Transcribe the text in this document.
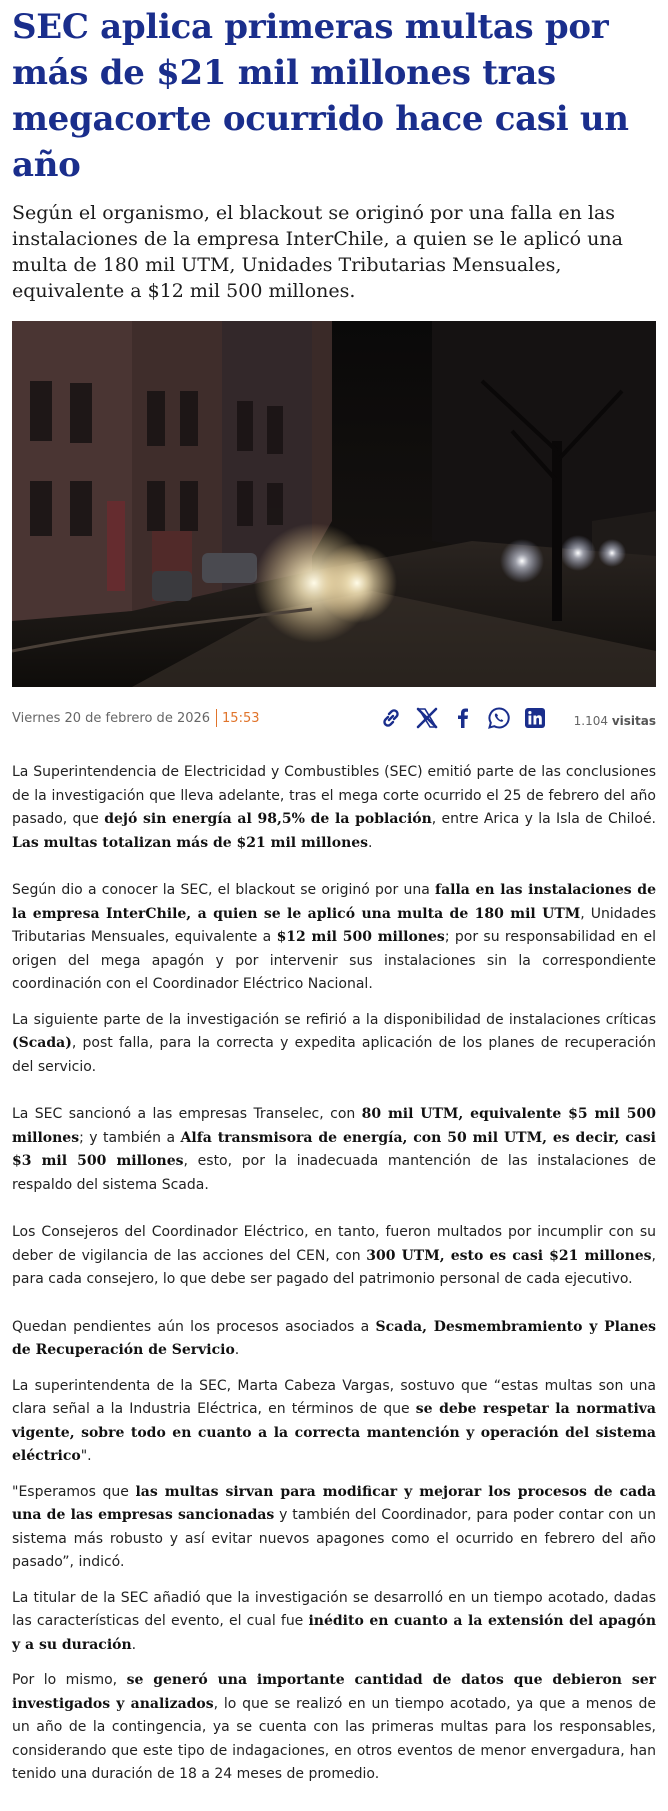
SEC aplica primeras multas por más de $21 mil millones tras megacorte ocurrido hace casi un año

Según el organismo, el blackout se originó por una falla en las instalaciones de la empresa InterChile, a quien se le aplicó una multa de 180 mil UTM, Unidades Tributarias Mensuales, equivalente a $12 mil 500 millones.

Viernes 20 de febrero de 2026 15:53	1.104 visitas

La Superintendencia de Electricidad y Combustibles (SEC) emitió parte de las conclusiones de la investigación que lleva adelante, tras el mega corte ocurrido el 25 de febrero del año pasado, que dejó sin energía al 98,5% de la población, entre Arica y la Isla de Chiloé. Las multas totalizan más de $21 mil millones.

Según dio a conocer la SEC, el blackout se originó por una falla en las instalaciones de la empresa InterChile, a quien se le aplicó una multa de 180 mil UTM, Unidades Tributarias Mensuales, equivalente a $12 mil 500 millones; por su responsabilidad en el origen del mega apagón y por intervenir sus instalaciones sin la correspondiente coordinación con el Coordinador Eléctrico Nacional.

La siguiente parte de la investigación se refirió a la disponibilidad de instalaciones críticas (Scada), post falla, para la correcta y expedita aplicación de los planes de recuperación del servicio.

La SEC sancionó a las empresas Transelec, con 80 mil UTM, equivalente $5 mil 500 millones; y también a Alfa transmisora de energía, con 50 mil UTM, es decir, casi $3 mil 500 millones, esto, por la inadecuada mantención de las instalaciones de respaldo del sistema Scada.

Los Consejeros del Coordinador Eléctrico, en tanto, fueron multados por incumplir con su deber de vigilancia de las acciones del CEN, con 300 UTM, esto es casi $21 millones, para cada consejero, lo que debe ser pagado del patrimonio personal de cada ejecutivo.

Quedan pendientes aún los procesos asociados a Scada, Desmembramiento y Planes de Recuperación de Servicio.

La superintendenta de la SEC, Marta Cabeza Vargas, sostuvo que “estas multas son una clara señal a la Industria Eléctrica, en términos de que se debe respetar la normativa vigente, sobre todo en cuanto a la correcta mantención y operación del sistema eléctrico".

"Esperamos que las multas sirvan para modificar y mejorar los procesos de cada una de las empresas sancionadas y también del Coordinador, para poder contar con un sistema más robusto y así evitar nuevos apagones como el ocurrido en febrero del año pasado”, indicó.

La titular de la SEC añadió que la investigación se desarrolló en un tiempo acotado, dadas las características del evento, el cual fue inédito en cuanto a la extensión del apagón y a su duración.

Por lo mismo, se generó una importante cantidad de datos que debieron ser investigados y analizados, lo que se realizó en un tiempo acotado, ya que a menos de un año de la contingencia, ya se cuenta con las primeras multas para los responsables, considerando que este tipo de indagaciones, en otros eventos de menor envergadura, han tenido una duración de 18 a 24 meses de promedio.
